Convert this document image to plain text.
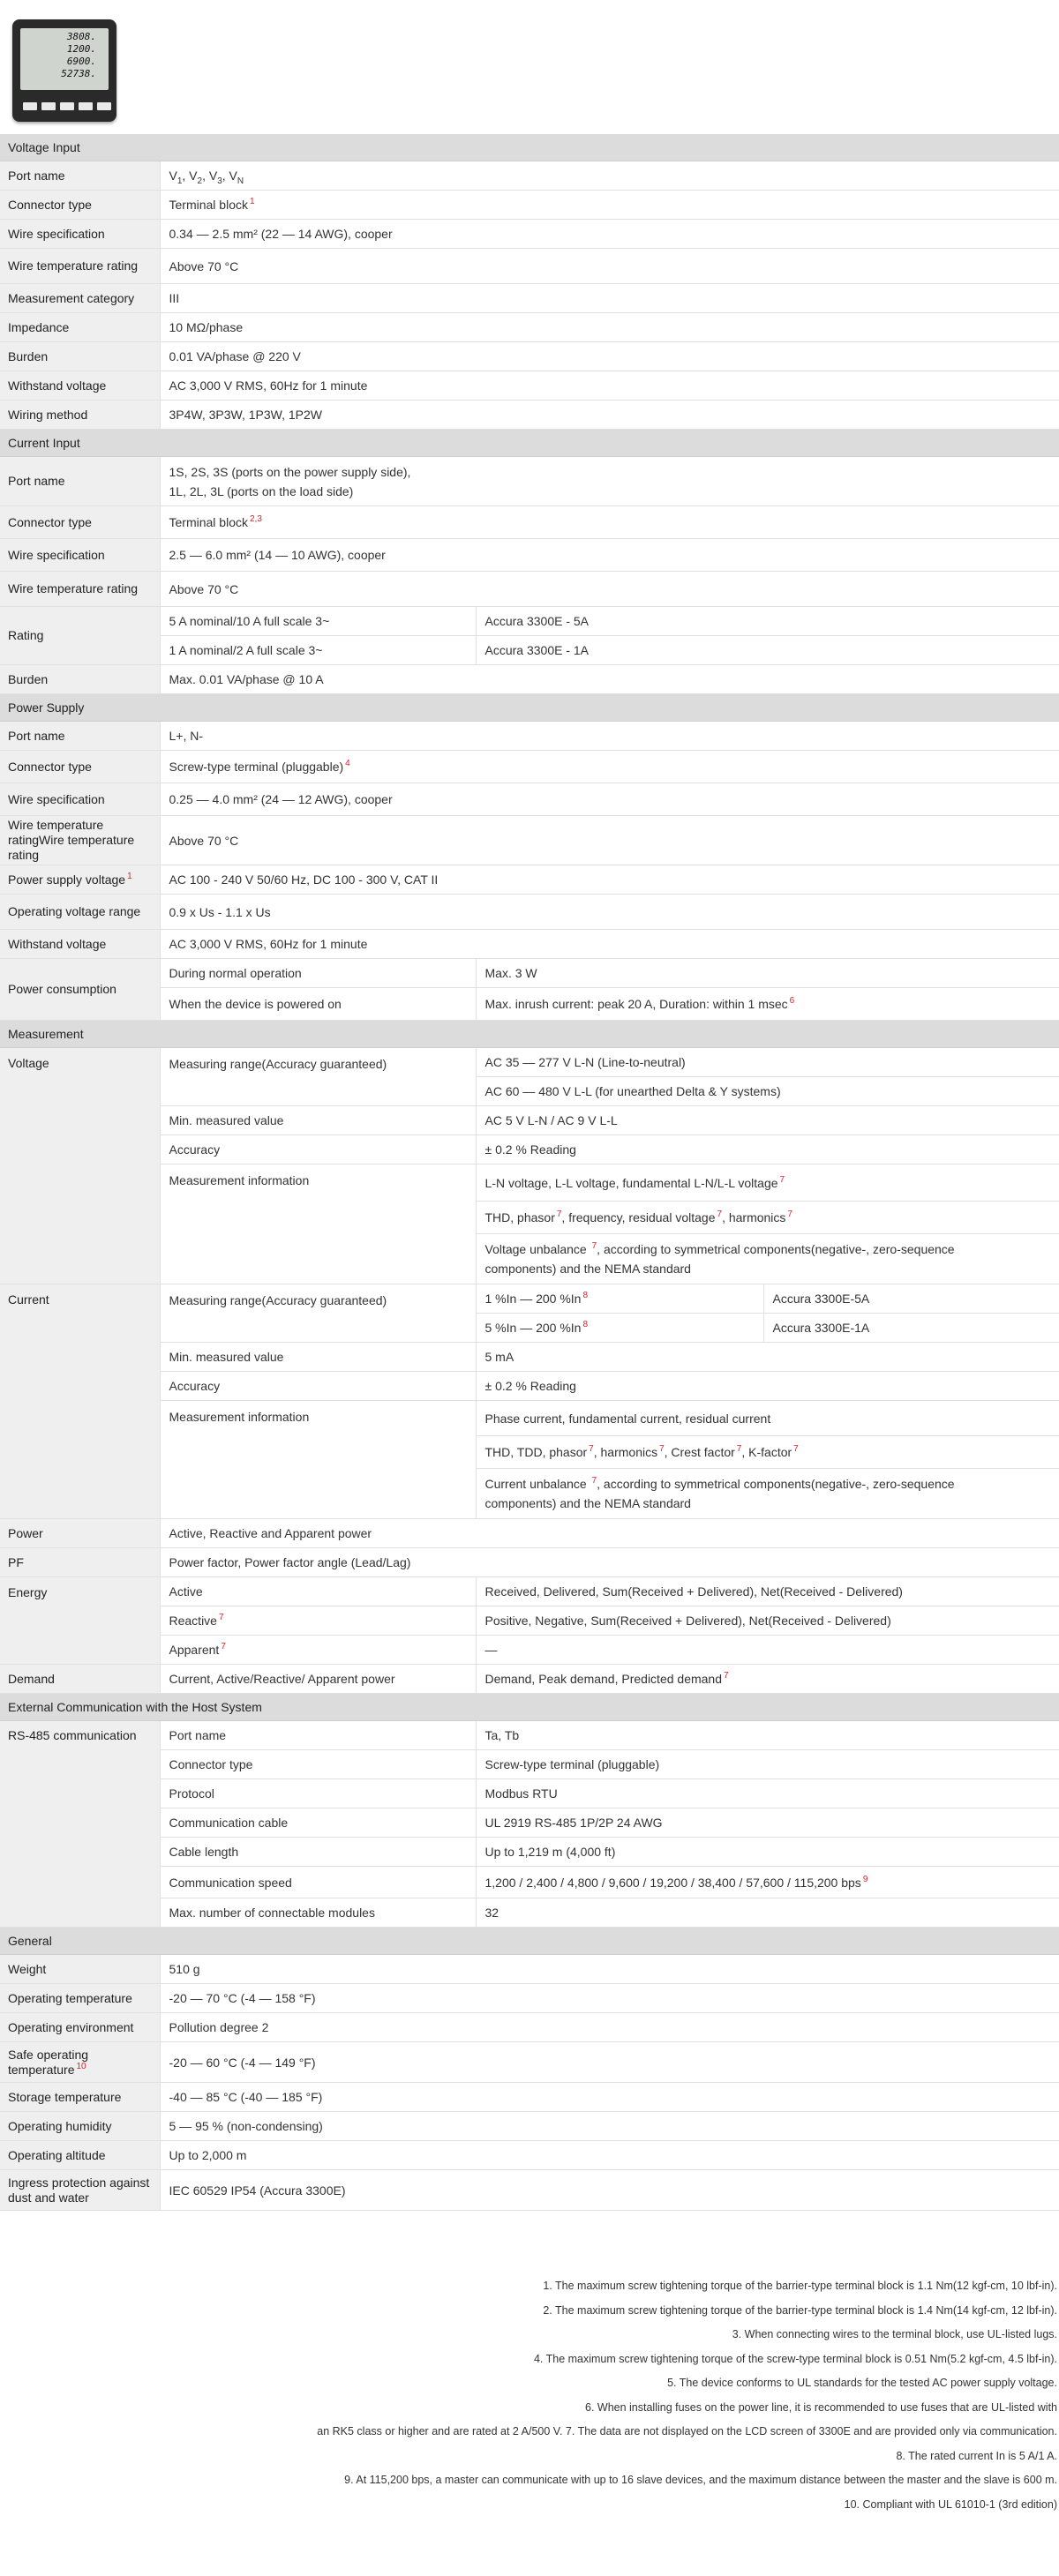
3808.
1200.
6900.
52738.
Voltage Input			
Port name	$V_1$, $V_2$, $V_3$, $V_N$
Connector type	Terminal block $^1$
Wire specification	0.34 — 2.5 mm² (22 — 14 AWG), cooper		
Wire temperature rating	Above 70 °C		
Measurement category	III		
Impedance	10 MΩ/phase		
Burden	0.01 VA/phase @ 220 V		
Withstand voltage	AC 3,000 V RMS, 60Hz for 1 minute		
Wiring method	3P4W, 3P3W, 1P3W, 1P2W		
Current Input			
Port name	1S, 2S, 3S (ports on the power supply side),
1L, 2L, 3L (ports on the load side)		
Connector type	Terminal block $^{2,3}$
Wire specification	2.5 — 6.0 mm² (14 — 10 AWG), cooper		
Wire temperature rating	Above 70 °C		
Rating	5 A nominal/10 A full scale 3~	Accura 3300E - 5A	
	1 A nominal/2 A full scale 3~	Accura 3300E - 1A	
Burden	Max. 0.01 VA/phase @ 10 A		
Power Supply			
Port name	L+, N-		
Connector type	Screw-type terminal (pluggable) $^4$
Wire specification	0.25 — 4.0 mm² (24 — 12 AWG), cooper		
Wire temperature ratingWire temperature rating	Above 70 °C		
Power supply voltage $^1$	AC 100 - 240 V 50/60 Hz, DC 100 - 300 V, CAT II		
Operating voltage range	0.9 x Us - 1.1 x Us		
Withstand voltage	AC 3,000 V RMS, 60Hz for 1 minute		
Power consumption	During normal operation	Max. 3 W	
	When the device is powered on	Max. inrush current: peak 20 A, Duration: within 1 msec $^6$
Measurement			
Voltage	Measuring range(Accuracy guaranteed)	AC 35 — 277 V L-N (Line-to-neutral)	
		AC 60 — 480 V L-L (for unearthed Delta & Y systems)	
	Min. measured value	AC 5 V L-N / AC 9 V L-L	
	Accuracy	± 0.2 % Reading	
	Measurement information	L-N voltage, L-L voltage, fundamental L-N/L-L voltage $^7$
		THD, phasor $^7$, frequency, residual voltage $^7$, harmonics $^7$
		Voltage unbalance $^7$, according to symmetrical components(negative-, zero-sequence
components) and the NEMA standard	
Current	Measuring range(Accuracy guaranteed)	1 %In — 200 %In $^8$	Accura 3300E-5A
		5 %In — 200 %In $^8$	Accura 3300E-1A
	Min. measured value	5 mA	
	Accuracy	± 0.2 % Reading	
	Measurement information	Phase current, fundamental current, residual current	
		THD, TDD, phasor $^7$, harmonics $^7$, Crest factor $^7$, K-factor $^7$
		Current unbalance $^7$, according to symmetrical components(negative-, zero-sequence
components) and the NEMA standard	
Power	Active, Reactive and Apparent power		
PF	Power factor, Power factor angle (Lead/Lag)		
Energy	Active	Received, Delivered, Sum(Received + Delivered), Net(Received - Delivered)	
	Reactive $^7$	Positive, Negative, Sum(Received + Delivered), Net(Received - Delivered)	
	Apparent $^7$	—	
Demand	Current, Active/Reactive/ Apparent power	Demand, Peak demand, Predicted demand $^7$
External Communication with the Host System			
RS-485 communication	Port name	Ta, Tb	
	Connector type	Screw-type terminal (pluggable)	
	Protocol	Modbus RTU	
	Communication cable	UL 2919 RS-485 1P/2P 24 AWG	
	Cable length	Up to 1,219 m (4,000 ft)	
	Communication speed	1,200 / 2,400 / 4,800 / 9,600 / 19,200 / 38,400 / 57,600 / 115,200 bps $^9$
	Max. number of connectable modules	32	
General			
Weight	510 g		
Operating temperature	-20 — 70 °C (-4 — 158 °F)		
Operating environment	Pollution degree 2		
Safe operating temperature $^{10}$	-20 — 60 °C (-4 — 149 °F)		
Storage temperature	-40 — 85 °C (-40 — 185 °F)		
Operating humidity	5 — 95 % (non-condensing)		
Operating altitude	Up to 2,000 m		
Ingress protection against dust and water	IEC 60529 IP54 (Accura 3300E)		
1. The maximum screw tightening torque of the barrier-type terminal block is 1.1 Nm(12 kgf-cm, 10 lbf-in).
2. The maximum screw tightening torque of the barrier-type terminal block is 1.4 Nm(14 kgf-cm, 12 lbf-in).
3. When connecting wires to the terminal block, use UL-listed lugs.
4. The maximum screw tightening torque of the screw-type terminal block is 0.51 Nm(5.2 kgf-cm, 4.5 lbf-in).
5. The device conforms to UL standards for the tested AC power supply voltage.
6. When installing fuses on the power line, it is recommended to use fuses that are UL-listed with
an RK5 class or higher and are rated at 2 A/500 V. 7. The data are not displayed on the LCD screen of 3300E and are provided only via communication.
8. The rated current In is 5 A/1 A.
9. At 115,200 bps, a master can communicate with up to 16 slave devices, and the maximum distance between the master and the slave is 600 m.
10. Compliant with UL 61010-1 (3rd edition)
